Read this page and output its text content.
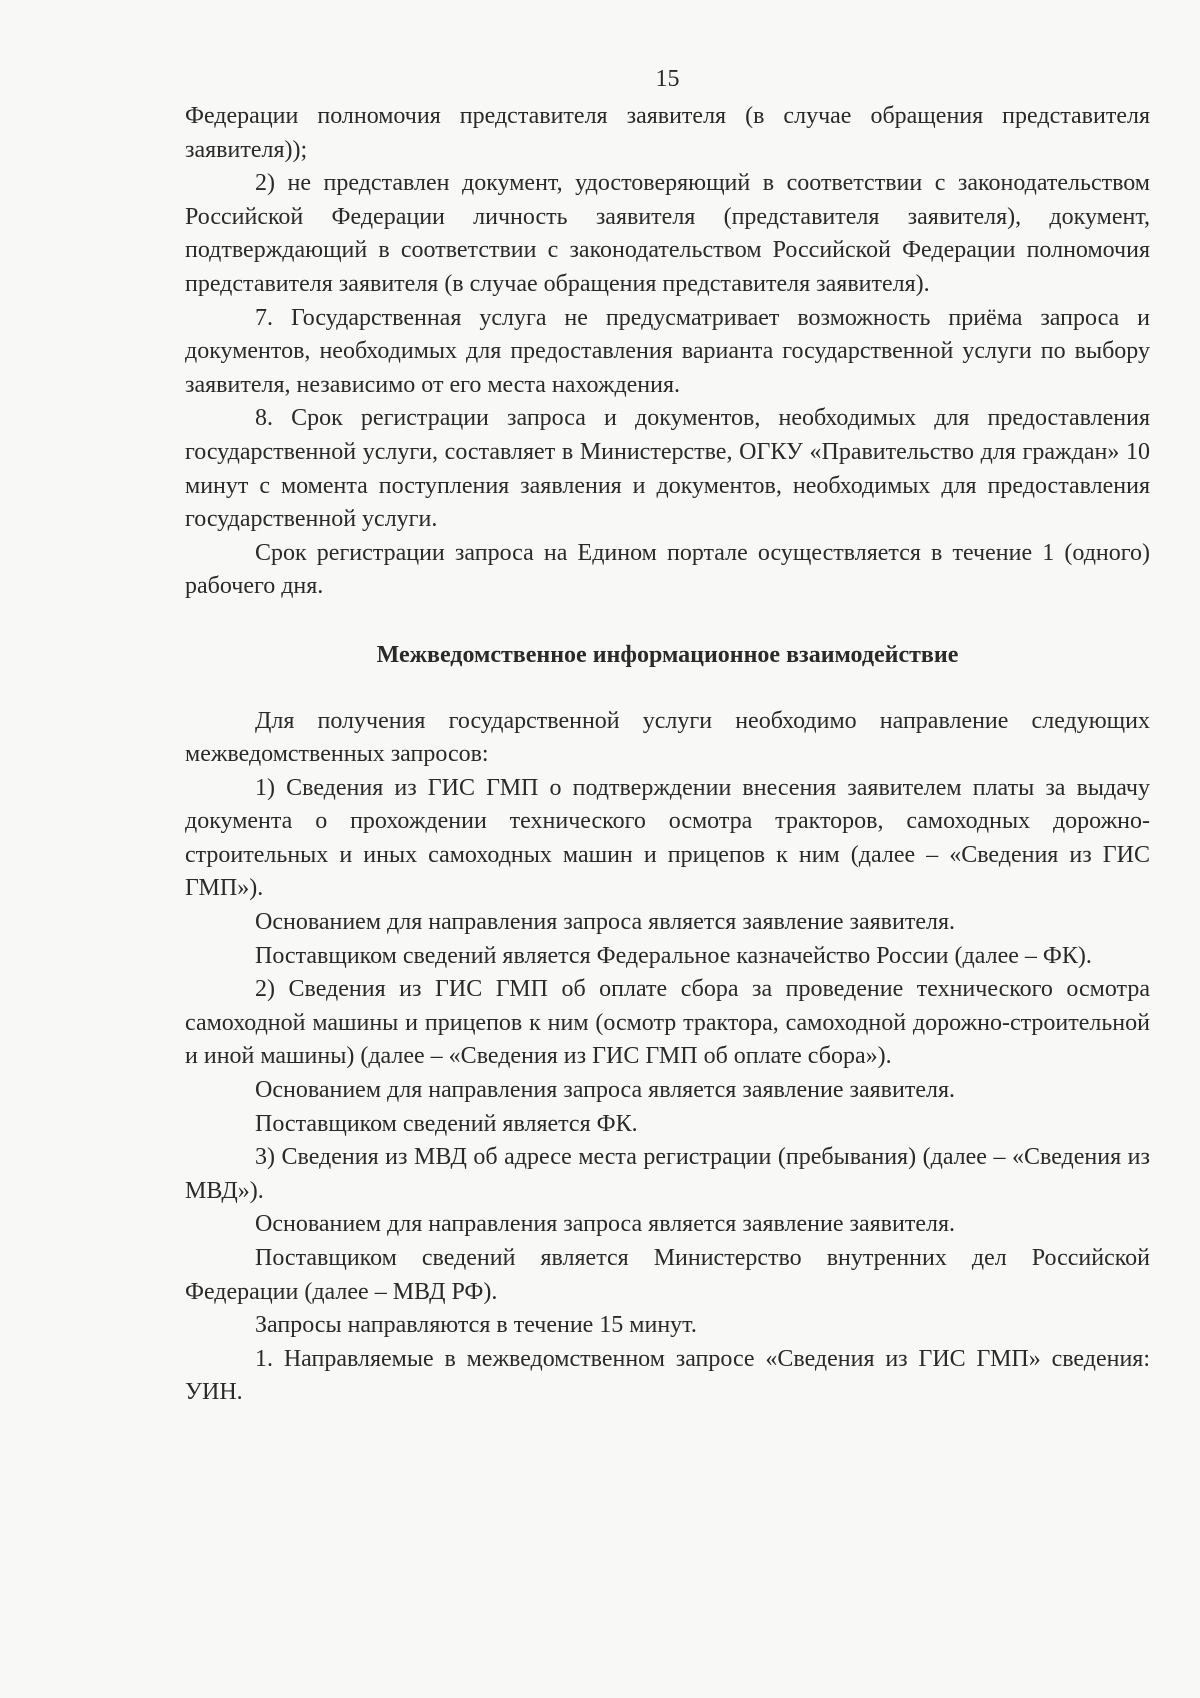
15

Федерации полномочия представителя заявителя (в случае обращения представителя заявителя));

2) не представлен документ, удостоверяющий в соответствии с законодательством Российской Федерации личность заявителя (представителя заявителя), документ, подтверждающий в соответствии с законодательством Российской Федерации полномочия представителя заявителя (в случае обращения представителя заявителя).

7. Государственная услуга не предусматривает возможность приёма запроса и документов, необходимых для предоставления варианта государственной услуги по выбору заявителя, независимо от его места нахождения.

8. Срок регистрации запроса и документов, необходимых для предоставления государственной услуги, составляет в Министерстве, ОГКУ «Правительство для граждан» 10 минут с момента поступления заявления и документов, необходимых для предоставления государственной услуги.

Срок регистрации запроса на Едином портале осуществляется в течение 1 (одного) рабочего дня.

Межведомственное информационное взаимодействие

Для получения государственной услуги необходимо направление следующих межведомственных запросов:

1) Сведения из ГИС ГМП о подтверждении внесения заявителем платы за выдачу документа о прохождении технического осмотра тракторов, самоходных дорожно-строительных и иных самоходных машин и прицепов к ним (далее – «Сведения из ГИС ГМП»).

Основанием для направления запроса является заявление заявителя.

Поставщиком сведений является Федеральное казначейство России (далее – ФК).

2) Сведения из ГИС ГМП об оплате сбора за проведение технического осмотра самоходной машины и прицепов к ним (осмотр трактора, самоходной дорожно-строительной и иной машины) (далее – «Сведения из ГИС ГМП об оплате сбора»).

Основанием для направления запроса является заявление заявителя.

Поставщиком сведений является ФК.

3) Сведения из МВД об адресе места регистрации (пребывания) (далее – «Сведения из МВД»).

Основанием для направления запроса является заявление заявителя.

Поставщиком сведений является Министерство внутренних дел Российской Федерации (далее – МВД РФ).

Запросы направляются в течение 15 минут.

1. Направляемые в межведомственном запросе «Сведения из ГИС ГМП» сведения: УИН.
